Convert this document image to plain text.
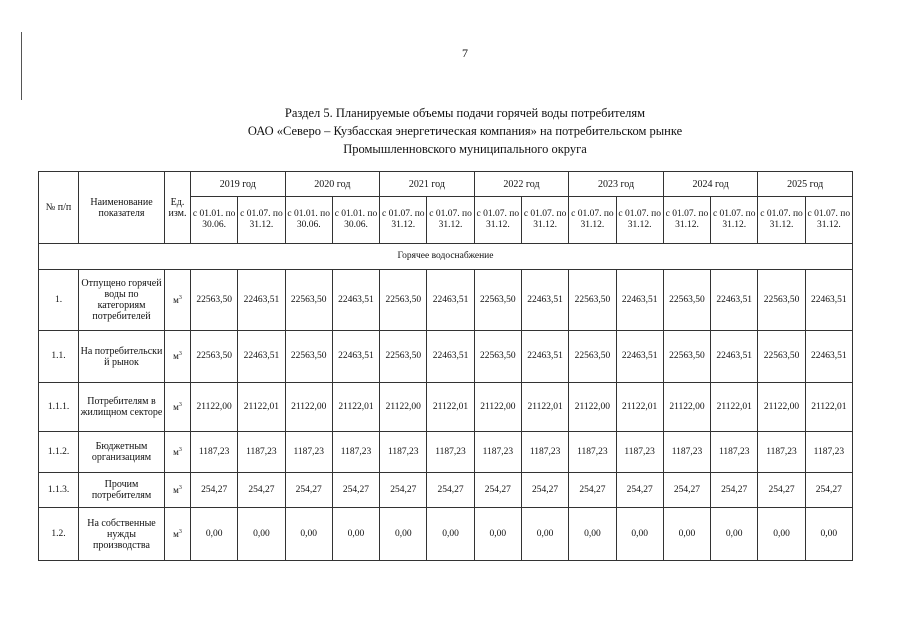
7
Раздел 5. Планируемые объемы подачи горячей воды потребителям
ОАО «Северо – Кузбасская энергетическая компания» на потребительском рынке
Промышленновского муниципального округа
№ п/п	Наименование показателя	Ед. изм.	2019 год		2020 год		2021 год		2022 год		2023 год		2024 год		2025 год	
			с 01.01. по 30.06.	с 01.07. по 31.12.	с 01.01. по 30.06.	с 01.01. по 30.06.	с 01.07. по 31.12.	с 01.07. по 31.12.	с 01.07. по 31.12.	с 01.07. по 31.12.	с 01.07. по 31.12.	с 01.07. по 31.12.	с 01.07. по 31.12.	с 01.07. по 31.12.	с 01.07. по 31.12.	с 01.07. по 31.12.
Горячее водоснабжение																
1.	Отпущено горячей воды по категориям потребителей	$м^3$	22563,50	22463,51	22563,50	22463,51	22563,50	22463,51	22563,50	22463,51	22563,50	22463,51	22563,50	22463,51	22563,50	22463,51
1.1.	На потребительски й рынок	$м^3$	22563,50	22463,51	22563,50	22463,51	22563,50	22463,51	22563,50	22463,51	22563,50	22463,51	22563,50	22463,51	22563,50	22463,51
1.1.1.	Потребителям в жилищном секторе	$м^3$	21122,00	21122,01	21122,00	21122,01	21122,00	21122,01	21122,00	21122,01	21122,00	21122,01	21122,00	21122,01	21122,00	21122,01
1.1.2.	Бюджетным организациям	$м^3$	1187,23	1187,23	1187,23	1187,23	1187,23	1187,23	1187,23	1187,23	1187,23	1187,23	1187,23	1187,23	1187,23	1187,23
1.1.3.	Прочим потребителям	$м^3$	254,27	254,27	254,27	254,27	254,27	254,27	254,27	254,27	254,27	254,27	254,27	254,27	254,27	254,27
1.2.	На собственные нужды производства	$м^3$	0,00	0,00	0,00	0,00	0,00	0,00	0,00	0,00	0,00	0,00	0,00	0,00	0,00	0,00
